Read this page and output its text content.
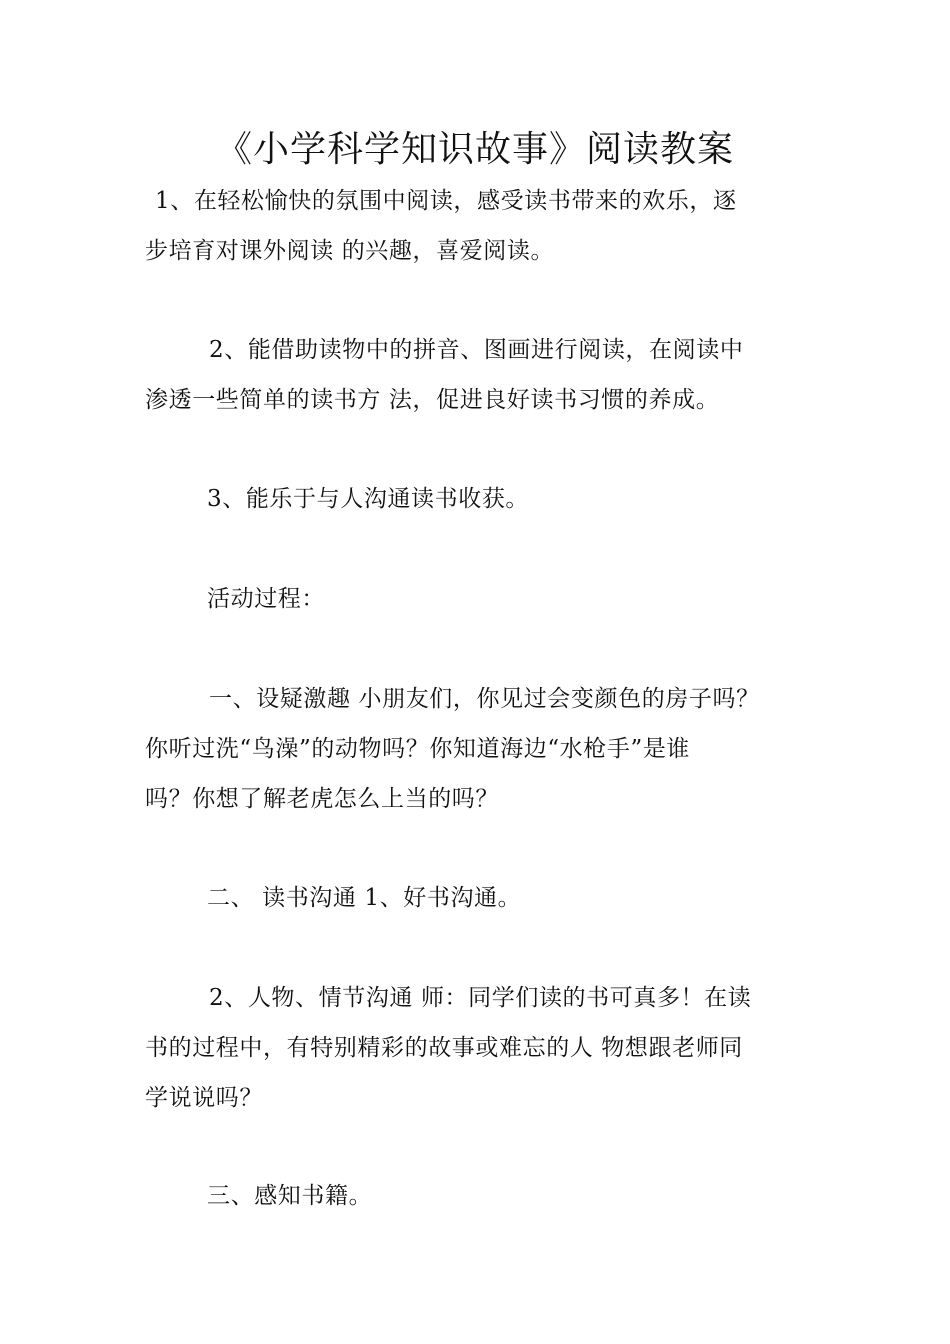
《小学科学知识故事》阅读教案
1、在轻松愉快的氛围中阅读，感受读书带来的欢乐，逐
步培育对课外阅读 的兴趣，喜爱阅读。
2、能借助读物中的拼音、图画进行阅读，在阅读中
渗透一些简单的读书方 法，促进良好读书习惯的养成。
3、能乐于与人沟通读书收获。
活动过程：
一、设疑激趣 小朋友们，你见过会变颜色的房子吗？
你听过洗“鸟澡”的动物吗？你知道海边“水枪手”是谁
吗？你想了解老虎怎么上当的吗？
二、 读书沟通 1、好书沟通。
2、人物、情节沟通 师：同学们读的书可真多！在读
书的过程中，有特别精彩的故事或难忘的人 物想跟老师同
学说说吗？
三、感知书籍。
